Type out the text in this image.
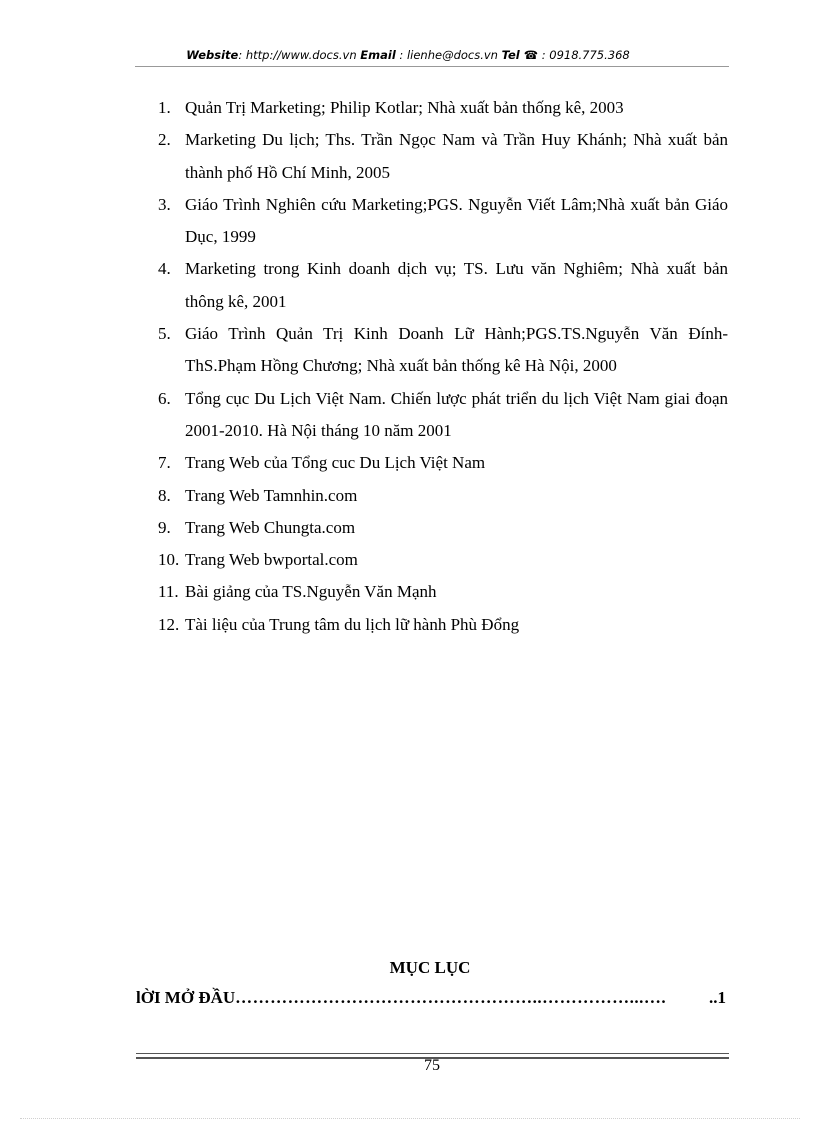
Website: http://www.docs.vn Email : lienhe@docs.vn Tel ☎ : 0918.775.368
1. Quản Trị Marketing; Philip Kotlar; Nhà xuất bản thống kê, 2003
2. Marketing Du lịch; Ths. Trần Ngọc Nam và Trần Huy Khánh; Nhà xuất bản thành phố Hồ Chí Minh, 2005
3. Giáo Trình Nghiên cứu Marketing;PGS. Nguyễn Viết Lâm;Nhà xuất bản Giáo Dục, 1999
4. Marketing trong Kinh doanh dịch vụ; TS. Lưu văn Nghiêm; Nhà xuất bản thông kê, 2001
5. Giáo Trình Quản Trị Kinh Doanh Lữ Hành;PGS.TS.Nguyễn Văn Đính- ThS.Phạm Hồng Chương; Nhà xuất bản thống kê Hà Nội, 2000
6. Tổng cục Du Lịch Việt Nam. Chiến lược phát triển du lịch Việt Nam giai đoạn 2001-2010. Hà Nội tháng 10 năm 2001
7. Trang Web của Tổng cuc Du Lịch Việt Nam
8. Trang Web Tamnhin.com
9. Trang Web Chungta.com
10. Trang Web bwportal.com
11. Bài giảng của TS.Nguyễn Văn Mạnh
12. Tài liệu của Trung tâm du lịch lữ hành Phù Đổng
MỤC LỤC
lỜI MỞ ĐẦU ……………………………………………..……………...….	..1
75
